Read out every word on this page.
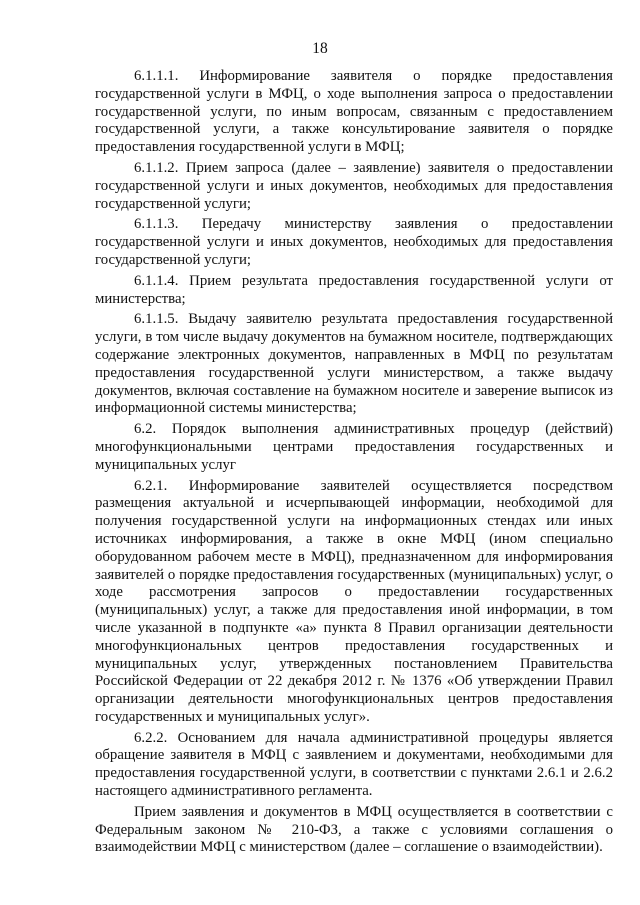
18

6.1.1.1. Информирование заявителя о порядке предоставления государственной услуги в МФЦ, о ходе выполнения запроса о предоставлении государственной услуги, по иным вопросам, связанным с предоставлением государственной услуги, а также консультирование заявителя о порядке предоставления государственной услуги в МФЦ;

6.1.1.2. Прием запроса (далее – заявление) заявителя о предоставлении государственной услуги и иных документов, необходимых для предоставления государственной услуги;

6.1.1.3. Передачу министерству заявления о предоставлении государственной услуги и иных документов, необходимых для предоставления государственной услуги;

6.1.1.4. Прием результата предоставления государственной услуги от министерства;

6.1.1.5. Выдачу заявителю результата предоставления государственной услуги, в том числе выдачу документов на бумажном носителе, подтверждающих содержание электронных документов, направленных в МФЦ по результатам предоставления государственной услуги министерством, а также выдачу документов, включая составление на бумажном носителе и заверение выписок из информационной системы министерства;

6.2. Порядок выполнения административных процедур (действий) многофункциональными центрами предоставления государственных и муниципальных услуг

6.2.1. Информирование заявителей осуществляется посредством размещения актуальной и исчерпывающей информации, необходимой для получения государственной услуги на информационных стендах или иных источниках информирования, а также в окне МФЦ (ином специально оборудованном рабочем месте в МФЦ), предназначенном для информирования заявителей о порядке предоставления государственных (муниципальных) услуг, о ходе рассмотрения запросов о предоставлении государственных (муниципальных) услуг, а также для предоставления иной информации, в том числе указанной в подпункте «а» пункта 8 Правил организации деятельности многофункциональных центров предоставления государственных и муниципальных услуг, утвержденных постановлением Правительства Российской Федерации от 22 декабря 2012 г. № 1376 «Об утверждении Правил организации деятельности многофункциональных центров предоставления государственных и муниципальных услуг».

6.2.2. Основанием для начала административной процедуры является обращение заявителя в МФЦ с заявлением и документами, необходимыми для предоставления государственной услуги, в соответствии с пунктами 2.6.1 и 2.6.2 настоящего административного регламента.

Прием заявления и документов в МФЦ осуществляется в соответствии с Федеральным законом № 210-ФЗ, а также с условиями соглашения о взаимодействии МФЦ с министерством (далее – соглашение о взаимодействии).
